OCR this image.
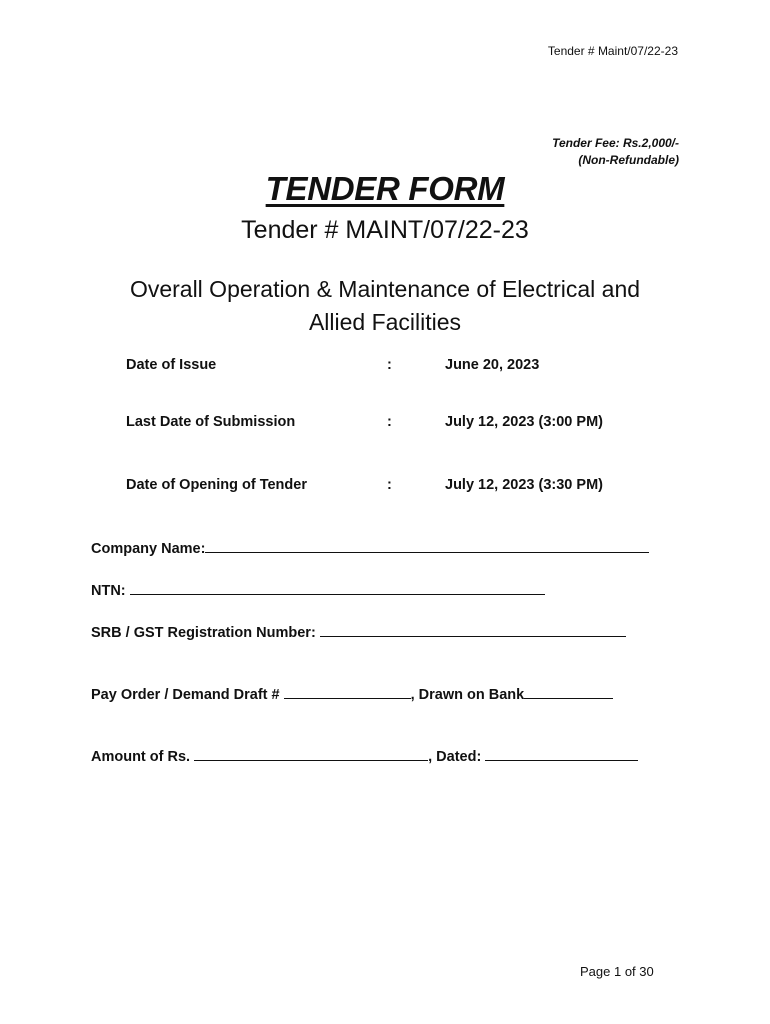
Tender # Maint/07/22-23
Tender Fee: Rs.2,000/-
(Non-Refundable)
TENDER FORM
Tender # MAINT/07/22-23
Overall Operation & Maintenance of Electrical and
Allied Facilities
Date of Issue	:	June 20, 2023
Last Date of Submission	:	July 12, 2023 (3:00 PM)
Date of Opening of Tender	:	July 12, 2023 (3:30 PM)
Company Name:
NTN:
SRB / GST Registration Number:
Pay Order / Demand Draft #	, Drawn on Bank
Amount of Rs.	, Dated:
Page 1 of 30
